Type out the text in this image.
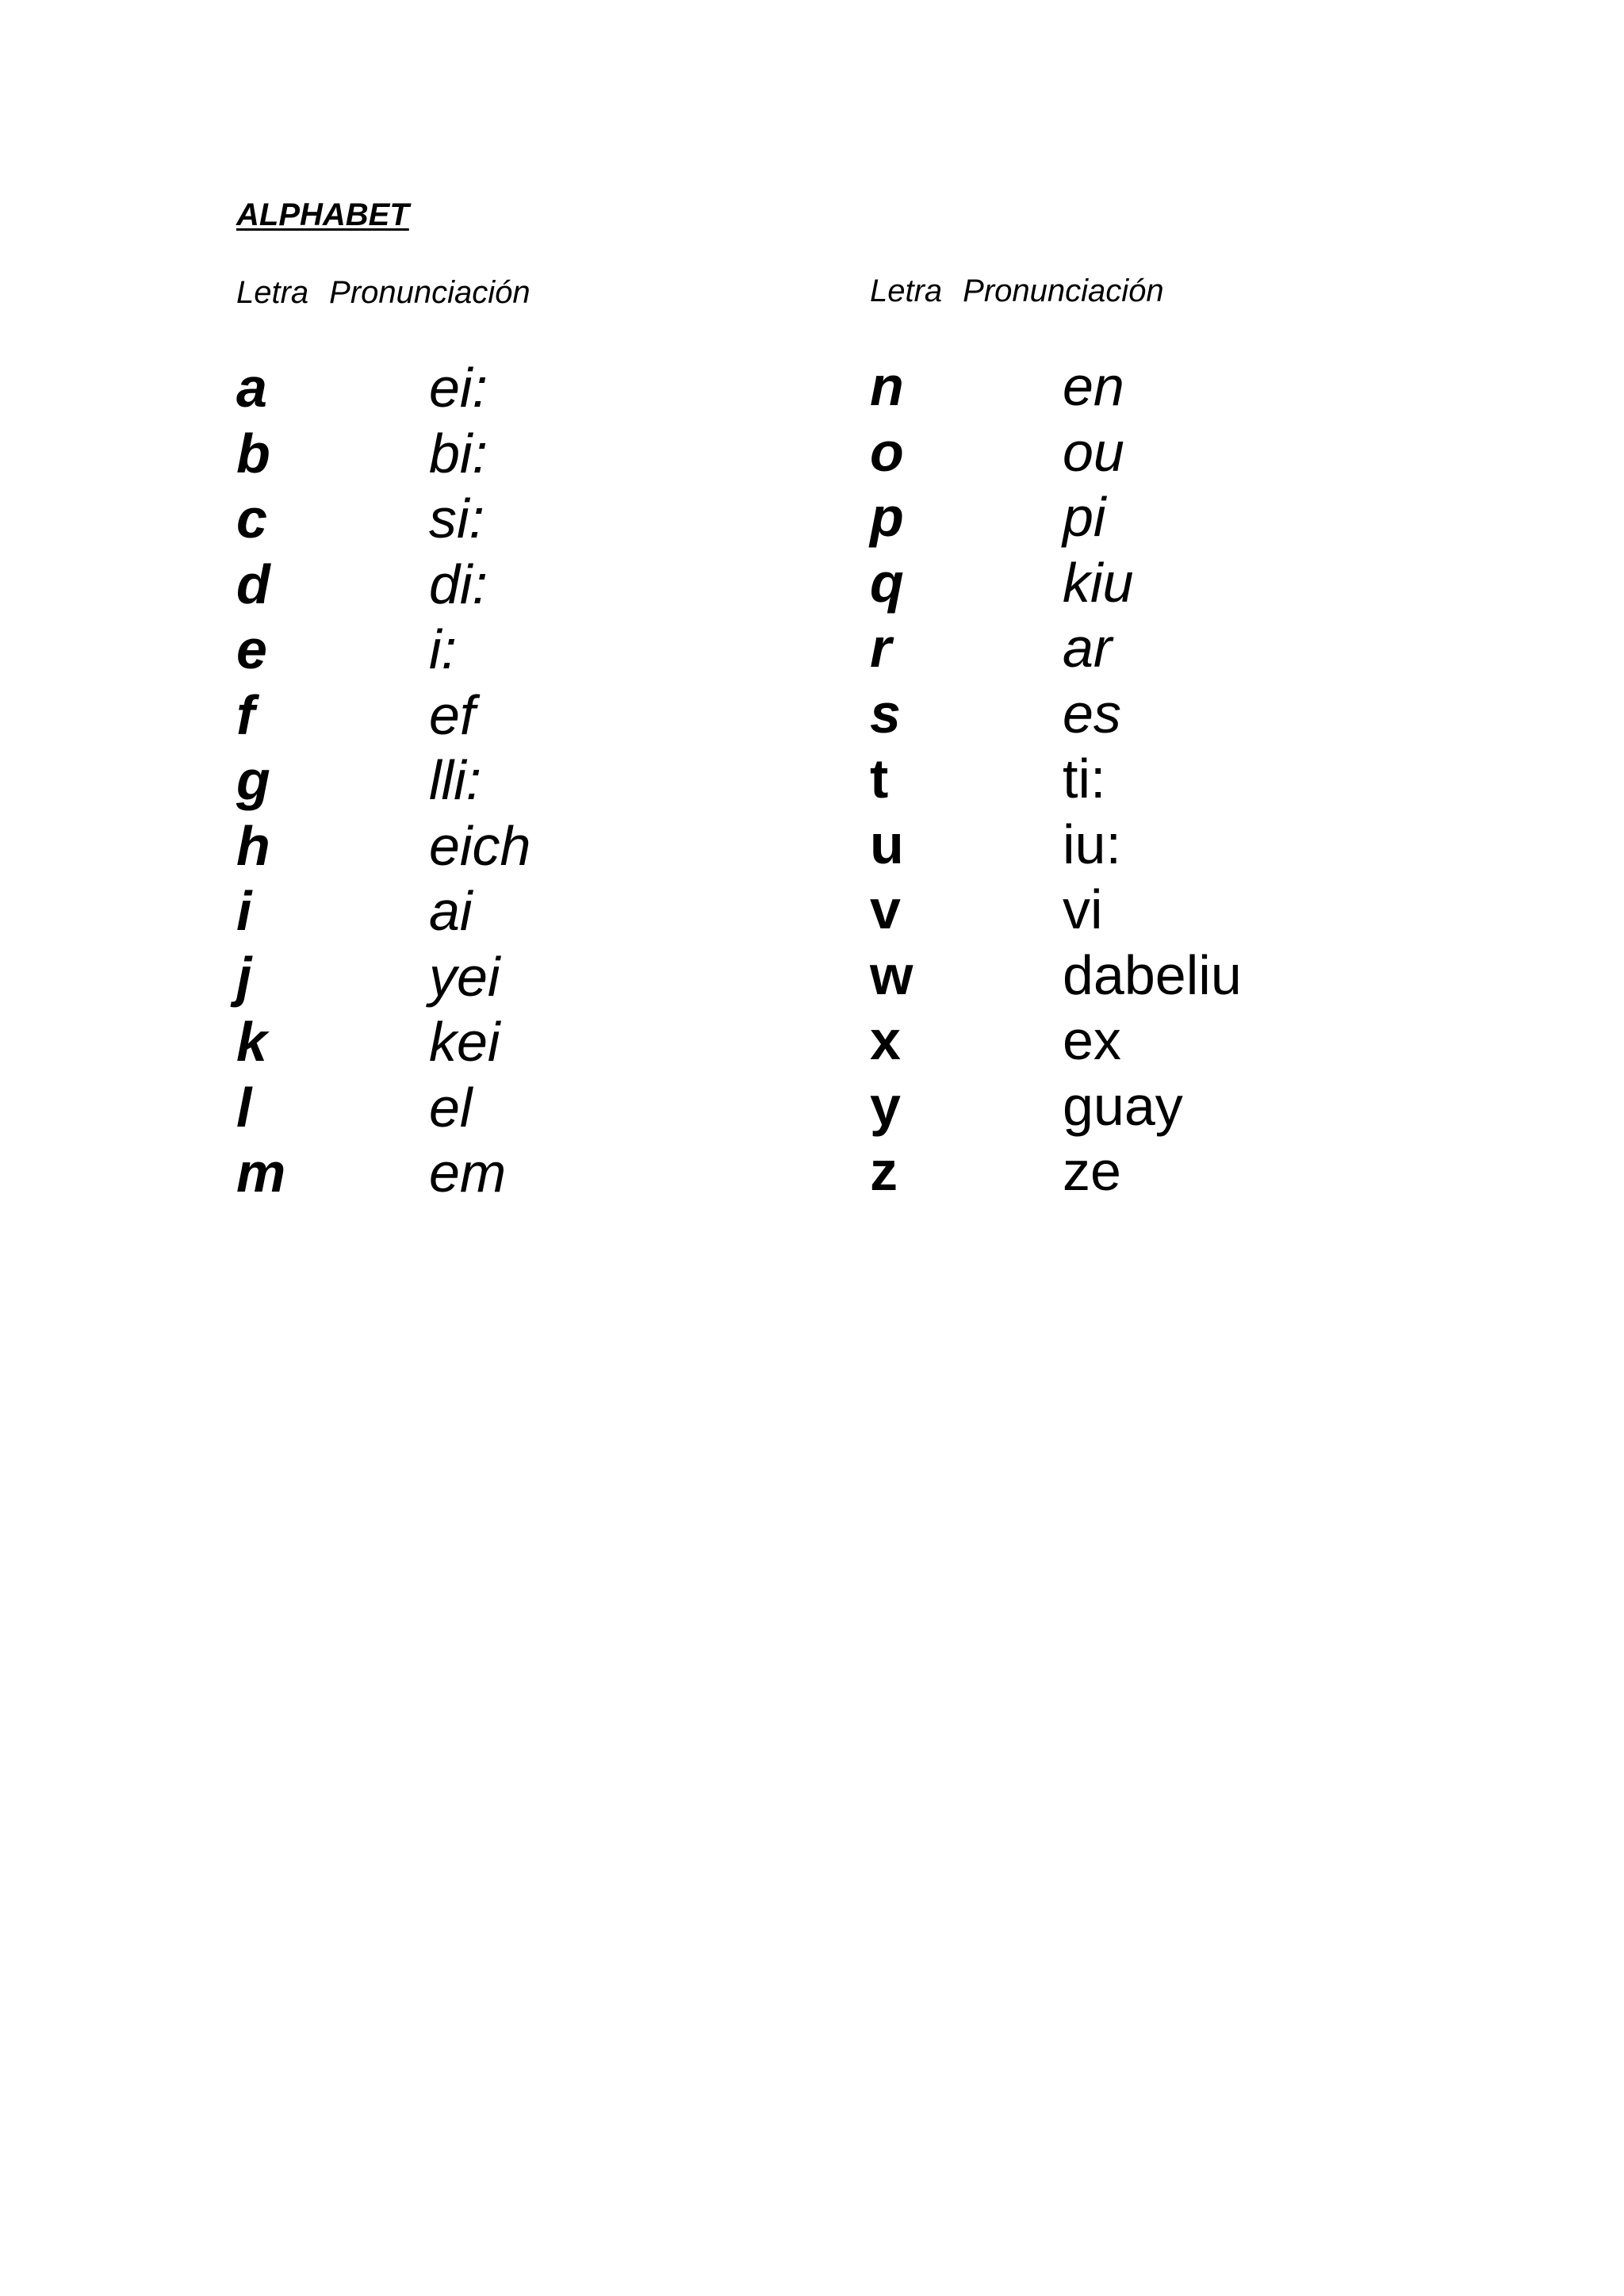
ALPHABET
Letra Pronunciación
a	ei:
b	bi:
c	si:
d	di:
e	i:
f	ef
g	lli:
h	eich
i	ai
j	yei
k	kei
l	el
m	em
Letra Pronunciación
n	en
o	ou
p	pi
q	kiu
r	ar
s	es
t	ti:
u	iu:
v	vi
w	dabeliu
x	ex
y	guay
z	ze
